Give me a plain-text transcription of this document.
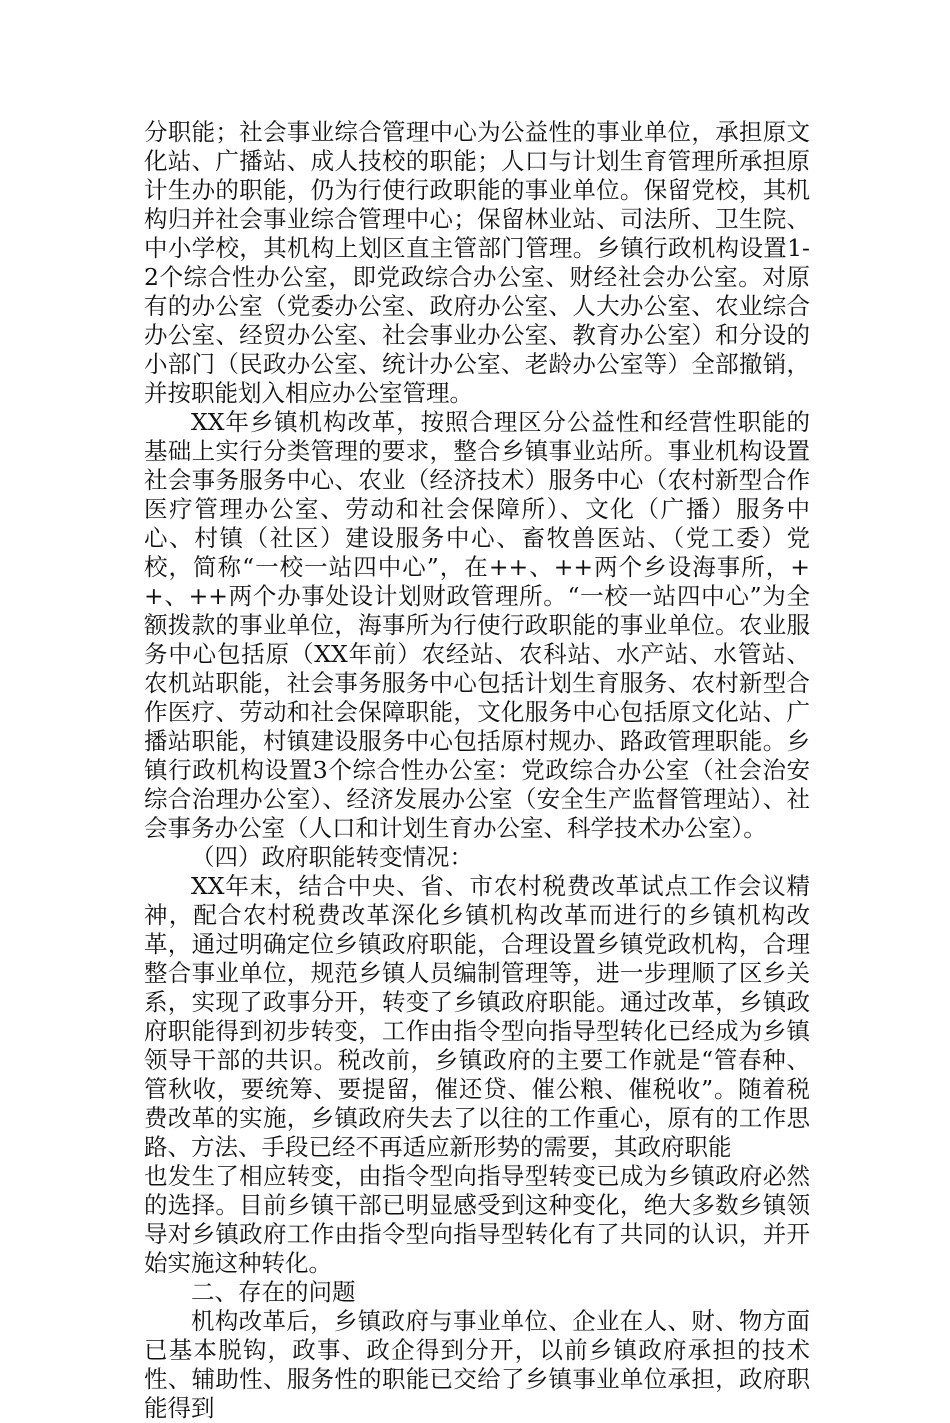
分职能；社会事业综合管理中心为公益性的事业单位，承担原文化站、广播站、成人技校的职能；人口与计划生育管理所承担原计生办的职能，仍为行使行政职能的事业单位。保留党校，其机构归并社会事业综合管理中心；保留林业站、司法所、卫生院、中小学校，其机构上划区直主管部门管理。乡镇行政机构设置1-2个综合性办公室，即党政综合办公室、财经社会办公室。对原有的办公室（党委办公室、政府办公室、人大办公室、农业综合办公室、经贸办公室、社会事业办公室、教育办公室）和分设的小部门（民政办公室、统计办公室、老龄办公室等）全部撤销，并按职能划入相应办公室管理。

XX年乡镇机构改革，按照合理区分公益性和经营性职能的基础上实行分类管理的要求，整合乡镇事业站所。事业机构设置社会事务服务中心、农业（经济技术）服务中心（农村新型合作医疗管理办公室、劳动和社会保障所）、文化（广播）服务中心、村镇（社区）建设服务中心、畜牧兽医站、（党工委）党校，简称“一校一站四中心”，在++、++两个乡设海事所，++、++两个办事处设计划财政管理所。“一校一站四中心”为全额拨款的事业单位，海事所为行使行政职能的事业单位。农业服务中心包括原（XX年前）农经站、农科站、水产站、水管站、农机站职能，社会事务服务中心包括计划生育服务、农村新型合作医疗、劳动和社会保障职能，文化服务中心包括原文化站、广播站职能，村镇建设服务中心包括原村规办、路政管理职能。乡镇行政机构设置3个综合性办公室：党政综合办公室（社会治安综合治理办公室）、经济发展办公室（安全生产监督管理站）、社会事务办公室（人口和计划生育办公室、科学技术办公室）。

（四）政府职能转变情况：

XX年末，结合中央、省、市农村税费改革试点工作会议精神，配合农村税费改革深化乡镇机构改革而进行的乡镇机构改革，通过明确定位乡镇政府职能，合理设置乡镇党政机构，合理整合事业单位，规范乡镇人员编制管理等，进一步理顺了区乡关系，实现了政事分开，转变了乡镇政府职能。通过改革，乡镇政府职能得到初步转变，工作由指令型向指导型转化已经成为乡镇领导干部的共识。税改前，乡镇政府的主要工作就是“管春种、管秋收，要统筹、要提留，催还贷、催公粮、催税收”。随着税费改革的实施，乡镇政府失去了以往的工作重心，原有的工作思路、方法、手段已经不再适应新形势的需要，其政府职能

也发生了相应转变，由指令型向指导型转变已成为乡镇政府必然的选择。目前乡镇干部已明显感受到这种变化，绝大多数乡镇领导对乡镇政府工作由指令型向指导型转化有了共同的认识，并开始实施这种转化。

二、存在的问题

机构改革后，乡镇政府与事业单位、企业在人、财、物方面已基本脱钩，政事、政企得到分开，以前乡镇政府承担的技术性、辅助性、服务性的职能已交给了乡镇事业单位承担，政府职能得到
